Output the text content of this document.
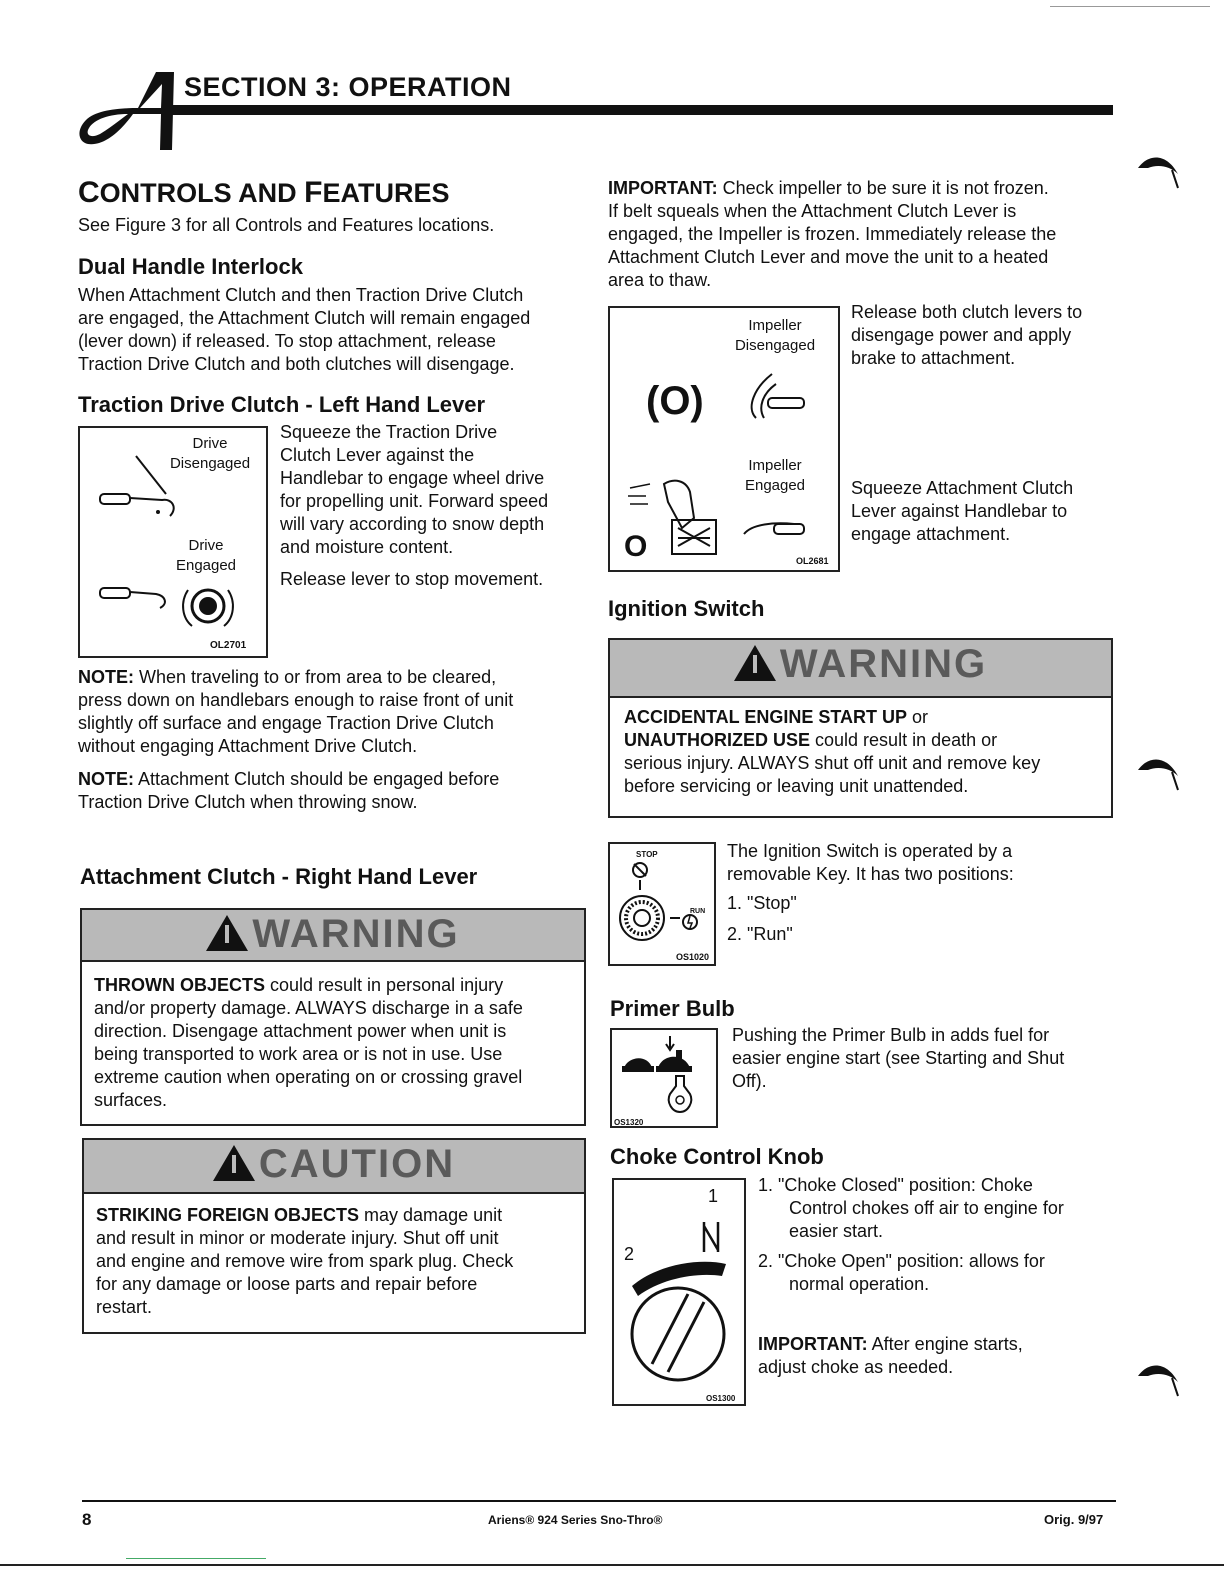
SECTION 3: OPERATION
CONTROLS AND FEATURES
See Figure 3 for all Controls and Features locations.
Dual Handle Interlock
When Attachment Clutch and then Traction Drive Clutch
are engaged, the Attachment Clutch will remain engaged
(lever down) if released. To stop attachment, release
Traction Drive Clutch and both clutches will disengage.
Traction Drive Clutch - Left Hand Lever
Drive
Disengaged
Drive
Engaged
OL2701
Squeeze the Traction Drive
Clutch Lever against the
Handlebar to engage wheel drive
for propelling unit. Forward speed
will vary according to snow depth
and moisture content.
Release lever to stop movement.
NOTE: When traveling to or from area to be cleared,
press down on handlebars enough to raise front of unit
slightly off surface and engage Traction Drive Clutch
without engaging Attachment Drive Clutch.
NOTE: Attachment Clutch should be engaged before
Traction Drive Clutch when throwing snow.
Attachment Clutch - Right Hand Lever
WARNING
THROWN OBJECTS could result in personal injury
and/or property damage. ALWAYS discharge in a safe
direction. Disengage attachment power when unit is
being transported to work area or is not in use. Use
extreme caution when operating on or crossing gravel
surfaces.
CAUTION
STRIKING FOREIGN OBJECTS may damage unit
and result in minor or moderate injury. Shut off unit
and engine and remove wire from spark plug. Check
for any damage or loose parts and repair before
restart.
IMPORTANT: Check impeller to be sure it is not frozen.
If belt squeals when the Attachment Clutch Lever is
engaged, the Impeller is frozen. Immediately release the
Attachment Clutch Lever and move the unit to a heated
area to thaw.
Impeller
Disengaged
(O)
Impeller
Engaged
O	OL2681
Release both clutch levers to
disengage power and apply
brake to attachment.
Squeeze Attachment Clutch
Lever against Handlebar to
engage attachment.
Ignition Switch
WARNING
ACCIDENTAL ENGINE START UP or
UNAUTHORIZED USE could result in death or
serious injury. ALWAYS shut off unit and remove key
before servicing or leaving unit unattended.
STOP
RUN
OS1020
The Ignition Switch is operated by a
removable Key. It has two positions:
1. "Stop"
2. "Run"
Primer Bulb
OS1320
Pushing the Primer Bulb in adds fuel for
easier engine start (see Starting and Shut
Off).
Choke Control Knob
1
2
OS1300
1. "Choke Closed" position: Choke
Control chokes off air to engine for
easier start.
2. "Choke Open" position: allows for
normal operation.
IMPORTANT: After engine starts,
adjust choke as needed.
8	Ariens® 924 Series Sno-Thro®	Orig. 9/97
